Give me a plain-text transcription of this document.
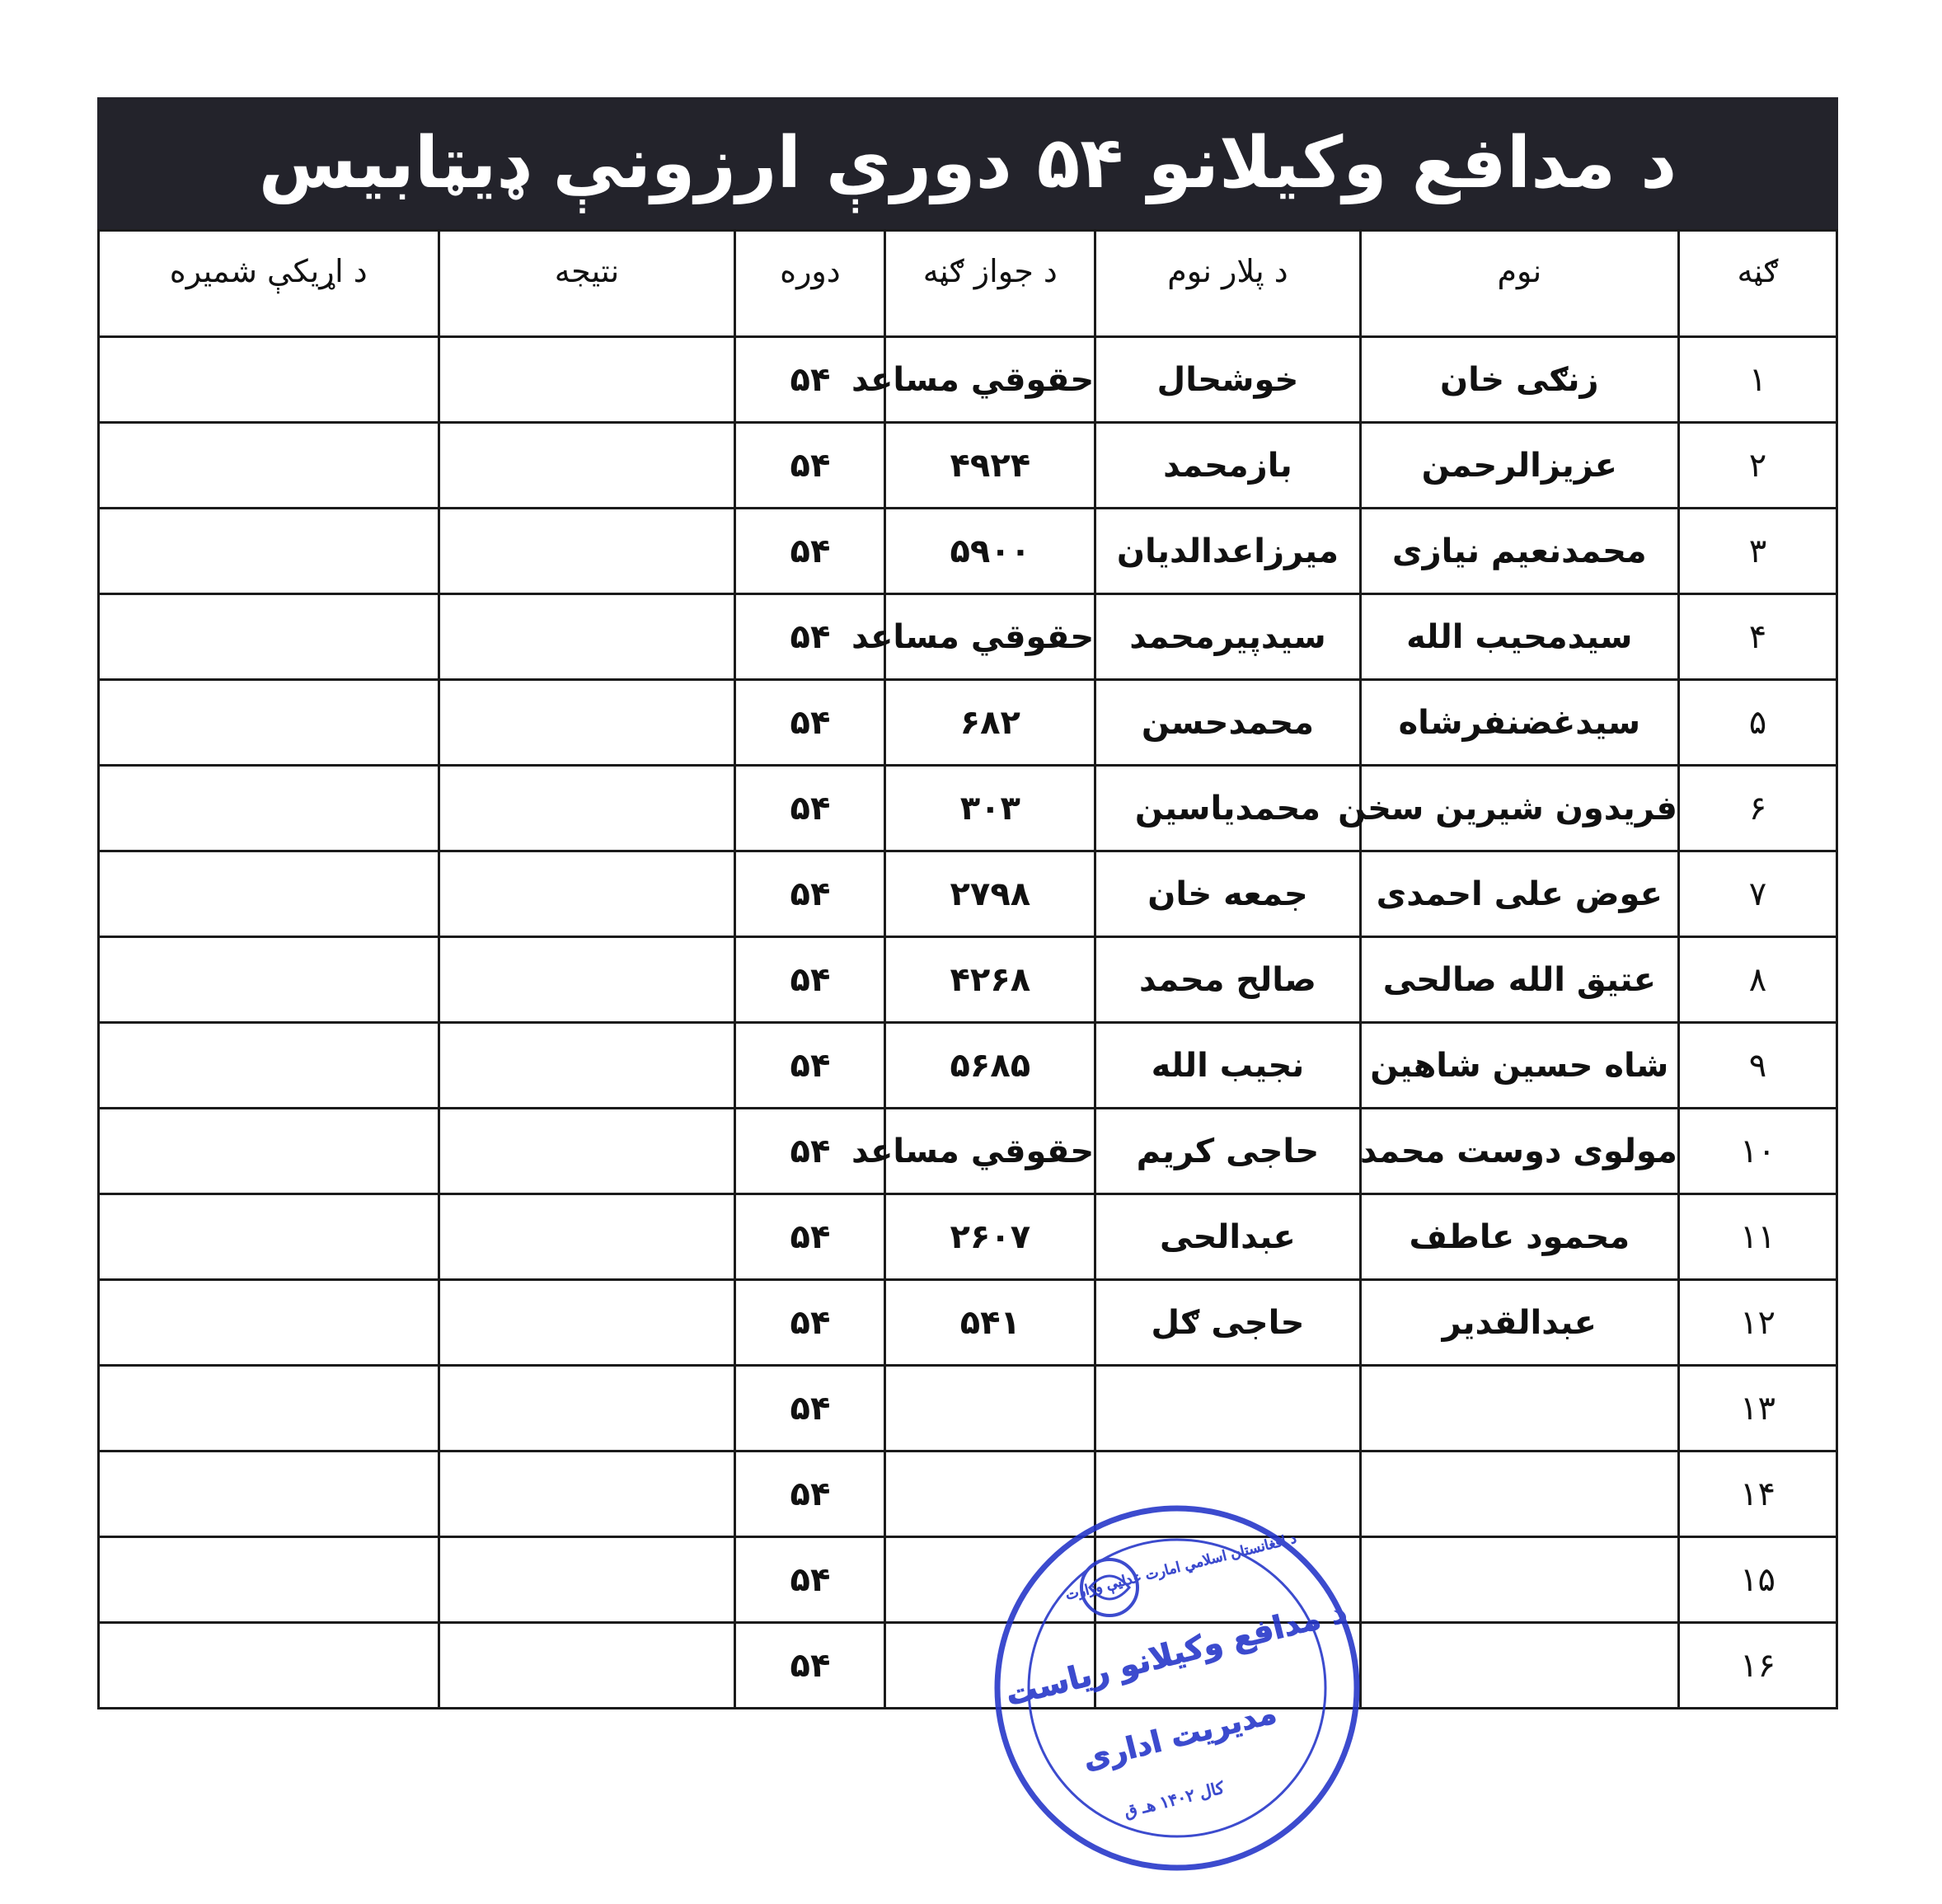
د مدافع وکیلانو ۵۴ دورې ارزونې ډیټابیس
ګڼه	نوم	د پلار نوم	د جواز ګڼه	دوره	نتیجه	د اړیکې شمیره
۱	زنګی خان	خوشحال	حقوقي مساعد	۵۴		
۲	عزیزالرحمن	بازمحمد	۴۹۲۴	۵۴		
۳	محمدنعیم نیازی	میرزاعدالدیان	۵۹۰۰	۵۴		
۴	سیدمحیب الله	سیدپیرمحمد	حقوقي مساعد	۵۴		
۵	سیدغضنفرشاه	محمدحسن	۶۸۲	۵۴		
۶	فریدون شیرین سخن	محمدیاسین	۳۰۳	۵۴		
۷	عوض علی احمدی	جمعه خان	۲۷۹۸	۵۴		
۸	عتیق الله صالحی	صالح محمد	۴۲۶۸	۵۴		
۹	شاه حسین شاهین	نجیب الله	۵۶۸۵	۵۴		
۱۰	مولوی دوست محمد	حاجی کریم	حقوقي مساعد	۵۴		
۱۱	محمود عاطف	عبدالحی	۲۶۰۷	۵۴		
۱۲	عبدالقدیر	حاجی ګل	۵۴۱	۵۴		
۱۳				۵۴		
۱۴				۵۴		
۱۵				۵۴		
۱۶				۵۴		
د افغانستان اسلامي امارت عدلیې وزارت
د مدافع وکیلانو ریاست
مدیریت اداری
کال ۱۴۰۲ هـ ق
